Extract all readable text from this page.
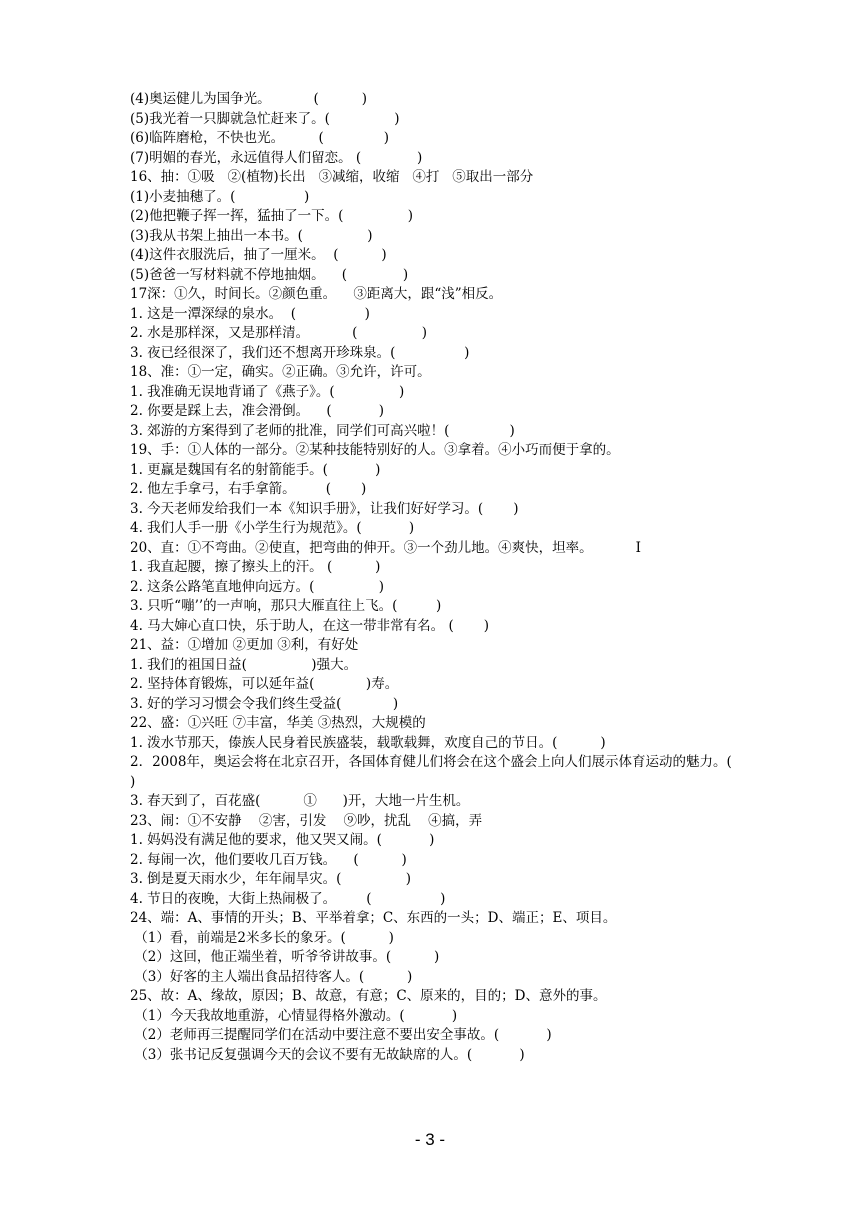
(4)奥运健儿为国争光。          (          )
(5)我光着一只脚就急忙赶来了。(               )
(6)临阵磨枪，不快也光。        (              )
(7)明媚的春光，永远值得人们留恋。 (             )
16、抽：①吸   ②(植物)长出   ③减缩，收缩   ④打   ⑤取出一部分
(1)小麦抽穗了。(                )
(2)他把鞭子挥一挥，猛抽了一下。(               )
(3)我从书架上抽出一本书。(               )
(4)这件衣服洗后，抽了一厘米。  (          )
(5)爸爸一写材料就不停地抽烟。    (             )
17深：①久，时间长。②颜色重。    ③距离大，跟“浅”相反。
1. 这是一潭深绿的泉水。  (                )
2. 水是那样深，又是那样清。          (               )
3. 夜已经很深了，我们还不想离开珍珠泉。(                )
18、准：①一定，确实。②正确。③允许，许可。
1. 我准确无误地背诵了《燕子》。(               )
2. 你要是踩上去，准会滑倒。    (           )
3. 郊游的方案得到了老师的批准，同学们可高兴啦！(              )
19、手：①人体的一部分。②某种技能特别好的人。③拿着。④小巧而便于拿的。
1. 更赢是魏国有名的射箭能手。(           )
2. 他左手拿弓，右手拿箭。       (       )
3. 今天老师发给我们一本《知识手册》，让我们好好学习。(       )
4. 我们人手一册《小学生行为规范》。(           )
20、直：①不弯曲。②使直，把弯曲的伸开。③一个劲儿地。④爽快，坦率。          I
1. 我直起腰，擦了擦头上的汗。 (          )
2. 这条公路笔直地伸向远方。(               )
3. 只听“嘣’’的一声响，那只大雁直往上飞。(         )
4. 马大婶心直口快，乐于助人，在这一带非常有名。 (       )
21、益：①增加 ②更加 ③利，有好处
1. 我们的祖国日益(               )强大。
2. 坚持体育锻炼，可以延年益(            )寿。
3. 好的学习习惯会令我们终生受益(            )
22、盛：①兴旺 ⑦丰富，华美 ③热烈，大规模的
1. 泼水节那天，傣族人民身着民族盛装，载歌载舞，欢度自己的节日。(          )
2．2008年，奥运会将在北京召开，各国体育健儿们将会在这个盛会上向人们展示体育运动的魅力。(          )
3. 春天到了，百花盛(          ①      )开，大地一片生机。
23、闹：①不安静    ②害，引发    ⑨吵，扰乱    ④搞，弄
1. 妈妈没有满足他的要求，他又哭又闹。(           )
2. 每闹一次，他们要收几百万钱。    (          )
3. 倒是夏天雨水少，年年闹旱灾。(               )
4. 节日的夜晚，大街上热闹极了。       (                )
24、端：A、事情的开头；B、平举着拿；C、东西的一头；D、端正；E、项目。
（1）看，前端是2米多长的象牙。(          )
（2）这回，他正端坐着，听爷爷讲故事。(          )
（3）好客的主人端出食品招待客人。(          )
25、故：A、缘故，原因；B、故意，有意；C、原来的，目的；D、意外的事。
（1）今天我故地重游，心情显得格外激动。(           )
（2）老师再三提醒同学们在活动中要注意不要出安全事故。(           )
（3）张书记反复强调今天的会议不要有无故缺席的人。(           )
- 3 -
